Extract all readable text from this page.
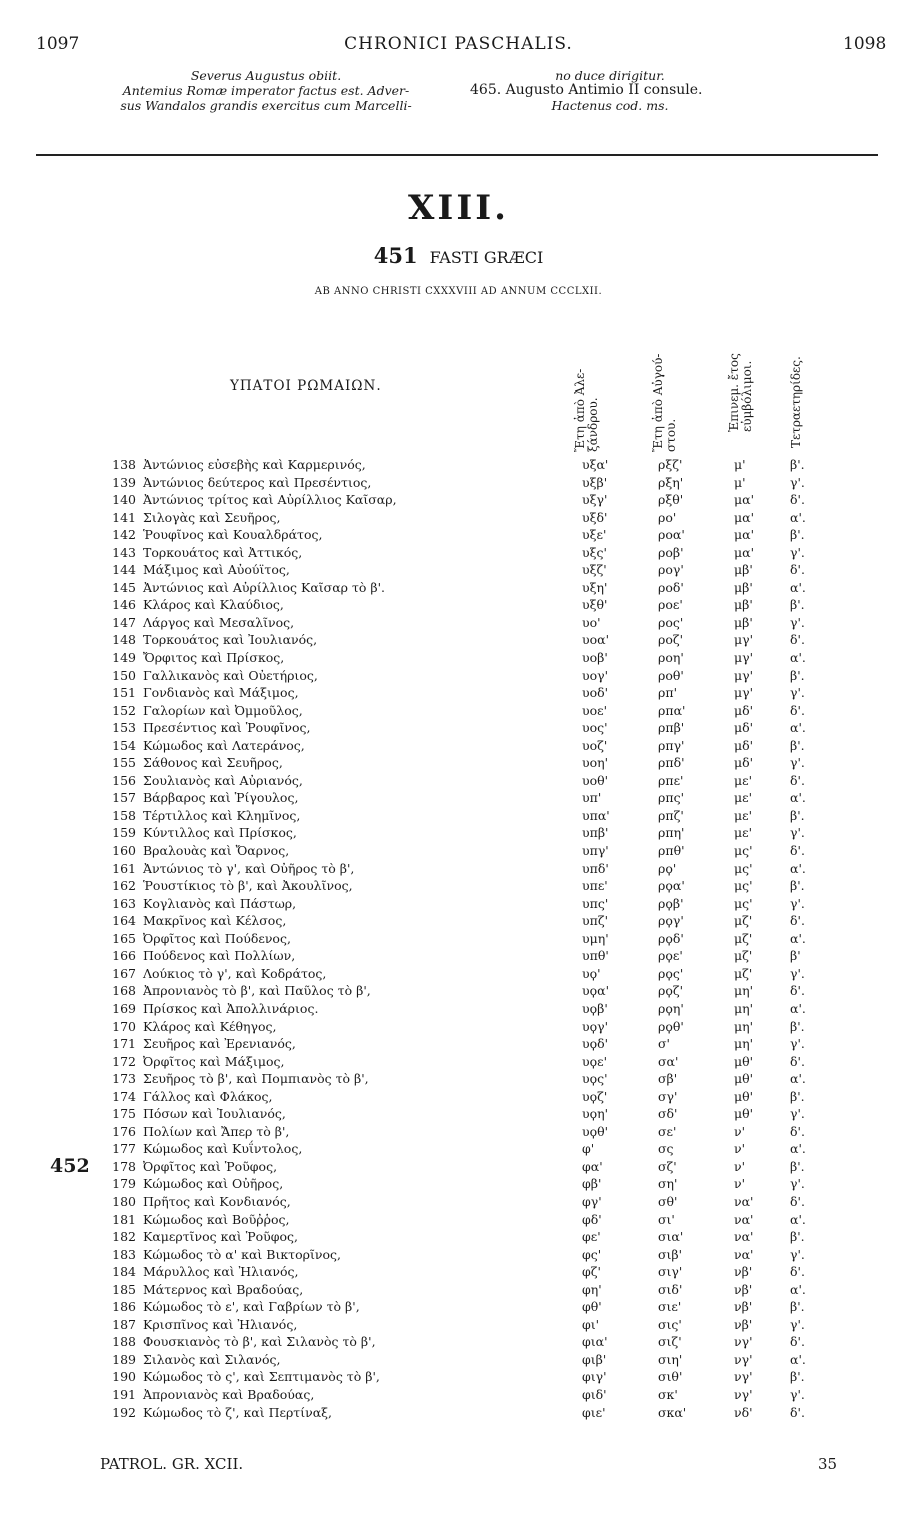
1097	CHRONICI PASCHALIS.	1098
Severus Augustus obiit.
Antemius Romæ imperator factus est. Adver-
sus Wandalos grandis exercitus cum Marcelli-
no duce dirigitur.
465. Augusto Antimio II consule.
Hactenus cod. ms.
XIII.
451 FASTI GRÆCI
AB ANNO CHRISTI CXXXVIII AD ANNUM CCCLXII.
Ἔτη ἀπὸ Ἀλε-
ξάνδρου.	Ἔτη ἀπὸ Αὐγού-
στου.
Ἐπινεμ. ἔτος
εὐμβόλιμοι.	Τετραετηρίδες.
ΥΠΑΤΟΙ ΡΩΜΑΙΩΝ.
138 Ἀντώνιος εὐσεβὴς καὶ Καρμερινός,	υξα'	ρξζ'	μ'	β'.
139 Ἀντώνιος δεύτερος καὶ Πρεσέντιος,	υξβ'	ρξη'	μ'	γ'.
140 Ἀντώνιος τρίτος καὶ Αὐρίλλιος Καῖσαρ,	υξγ'	ρξθ'	μα'	δ'.
141 Σιλογὰς καὶ Σευῆρος,	υξδ'	ρο'	μα'	α'.
142 Ῥουφῖνος καὶ Κουαλδράτος,	υξε'	ροα'	μα'	β'.
143 Τορκουάτος καὶ Ἀττικός,	υξς'	ροβ'	μα'	γ'.
144 Μάξιμος καὶ Αὐούϊτος,	υξζ'	ρογ'	μβ'	δ'.
145 Ἀντώνιος καὶ Αὐρίλλιος Καῖσαρ τὸ β'.	υξη'	ροδ'	μβ'	α'.
146 Κλάρος καὶ Κλαύδιος,	υξθ'	ροε'	μβ'	β'.
147 Λάργος καὶ Μεσαλῖνος,	υο'	ρος'	μβ'	γ'.
148 Τορκουάτος καὶ Ἰουλιανός,	υοα'	ροζ'	μγ'	δ'.
149 Ὄρφιτος καὶ Πρίσκος,	υοβ'	ροη'	μγ'	α'.
150 Γαλλικανὸς καὶ Οὐετήριος,	υογ'	ροθ'	μγ'	β'.
151 Γονδιανὸς καὶ Μάξιμος,	υοδ'	ρπ'	μγ'	γ'.
152 Γαλορίων καὶ Ὀμμοῦλος,	υοε'	ρπα'	μδ'	δ'.
153 Πρεσέντιος καὶ Ῥουφῖνος,	υος'	ρπβ'	μδ'	α'.
154 Κώμωδος καὶ Λατεράνος,	υοζ'	ρπγ'	μδ'	β'.
155 Σάθονος καὶ Σευῆρος,	υοη'	ρπδ'	μδ'	γ'.
156 Σουλιανὸς καὶ Αὐριανός,	υοθ'	ρπε'	με'	δ'.
157 Βάρβαρος καὶ Ῥίγουλος,	υπ'	ρπς'	με'	α'.
158 Τέρτιλλος καὶ Κλημῖνος,	υπα'	ρπζ'	με'	β'.
159 Κύντιλλος καὶ Πρίσκος,	υπβ'	ρπη'	με'	γ'.
160 Βραλουὰς καὶ Ὄαρνος,	υπγ'	ρπθ'	μς'	δ'.
161 Ἀντώνιος τὸ γ', καὶ Οὐῆρος τὸ β',	υπδ'	ρϙ'	μς'	α'.
162 Ῥουστίκιος τὸ β', καὶ Ἀκουλῖνος,	υπε'	ρϙα'	μς'	β'.
163 Κογλιανὸς καὶ Πάστωρ,	υπς'	ρϙβ'	μς'	γ'.
164 Μακρῖνος καὶ Κέλσος,	υπζ'	ρϙγ'	μζ'	δ'.
165 Ὀρφῖτος καὶ Πούδενος,	υμη'	ρϙδ'	μζ'	α'.
166 Πούδενος καὶ Πολλίων,	υπθ'	ρϙε'	μζ'	β'
167 Λούκιος τὸ γ', καὶ Κοδράτος,	υϙ'	ρϙς'	μζ'	γ'.
168 Ἀπρονιανὸς τὸ β', καὶ Παῦλος τὸ β',	υϙα'	ρϙζ'	μη'	δ'.
169 Πρίσκος καὶ Ἀπολλινάριος.	υϙβ'	ρϙη'	μη'	α'.
170 Κλάρος καὶ Κέθηγος,	υϙγ'	ρϙθ'	μη'	β'.
171 Σευῆρος καὶ Ἐρενιανός,	υϙδ'	σ'	μη'	γ'.
172 Ὀρφῖτος καὶ Μάξιμος,	υϙε'	σα'	μθ'	δ'.
173 Σευῆρος τὸ β', καὶ Πομπιανὸς τὸ β',	υϙς'	σβ'	μθ'	α'.
174 Γάλλος καὶ Φλάκος,	υϙζ'	σγ'	μθ'	β'.
175 Πόσων καὶ Ἰουλιανός,	υϙη'	σδ'	μθ'	γ'.
176 Πολίων καὶ Ἄπερ τὸ β',	υϙθ'	σε'	ν'	δ'.
177 Κώμωδος καὶ Κυΐντολος,	φ'	σς	ν'	α'.
178 Ὀρφῖτος καὶ Ῥοῦφος,	φα'	σζ'	ν'	β'.
179 Κώμωδος καὶ Οὐῆρος,	φβ'	ση'	ν'	γ'.
180 Πρῆτος καὶ Κονδιανός,	φγ'	σθ'	να'	δ'.
181 Κώμωδος καὶ Βοῦῤῥος,	φδ'	σι'	να'	α'.
182 Καμερτῖνος καὶ Ῥοῦφος,	φε'	σια'	να'	β'.
183 Κώμωδος τὸ α' καὶ Βικτορῖνος,	φς'	σιβ'	να'	γ'.
184 Μάρυλλος καὶ Ἠλιανός,	φζ'	σιγ'	νβ'	δ'.
185 Μάτερνος καὶ Βραδούας,	φη'	σιδ'	νβ'	α'.
186 Κώμωδος τὸ ε', καὶ Γαβρίων τὸ β',	φθ'	σιε'	νβ'	β'.
187 Κρισπῖνος καὶ Ἠλιανός,	φι'	σις'	νβ'	γ'.
188 Φουσκιανὸς τὸ β', καὶ Σιλανὸς τὸ β',	φια'	σιζ'	νγ'	δ'.
189 Σιλανὸς καὶ Σιλανός,	φιβ'	σιη'	νγ'	α'.
190 Κώμωδος τὸ ς', καὶ Σεπτιμανὸς τὸ β',	φιγ'	σιθ'	νγ'	β'.
191 Ἀπρονιανὸς καὶ Βραδούας,	φιδ'	σκ'	νγ'	γ'.
192 Κώμωδος τὸ ζ', καὶ Περτίναξ,	φιε'	σκα'	νδ'	δ'.
452
PATROL. GR. XCII.	35
